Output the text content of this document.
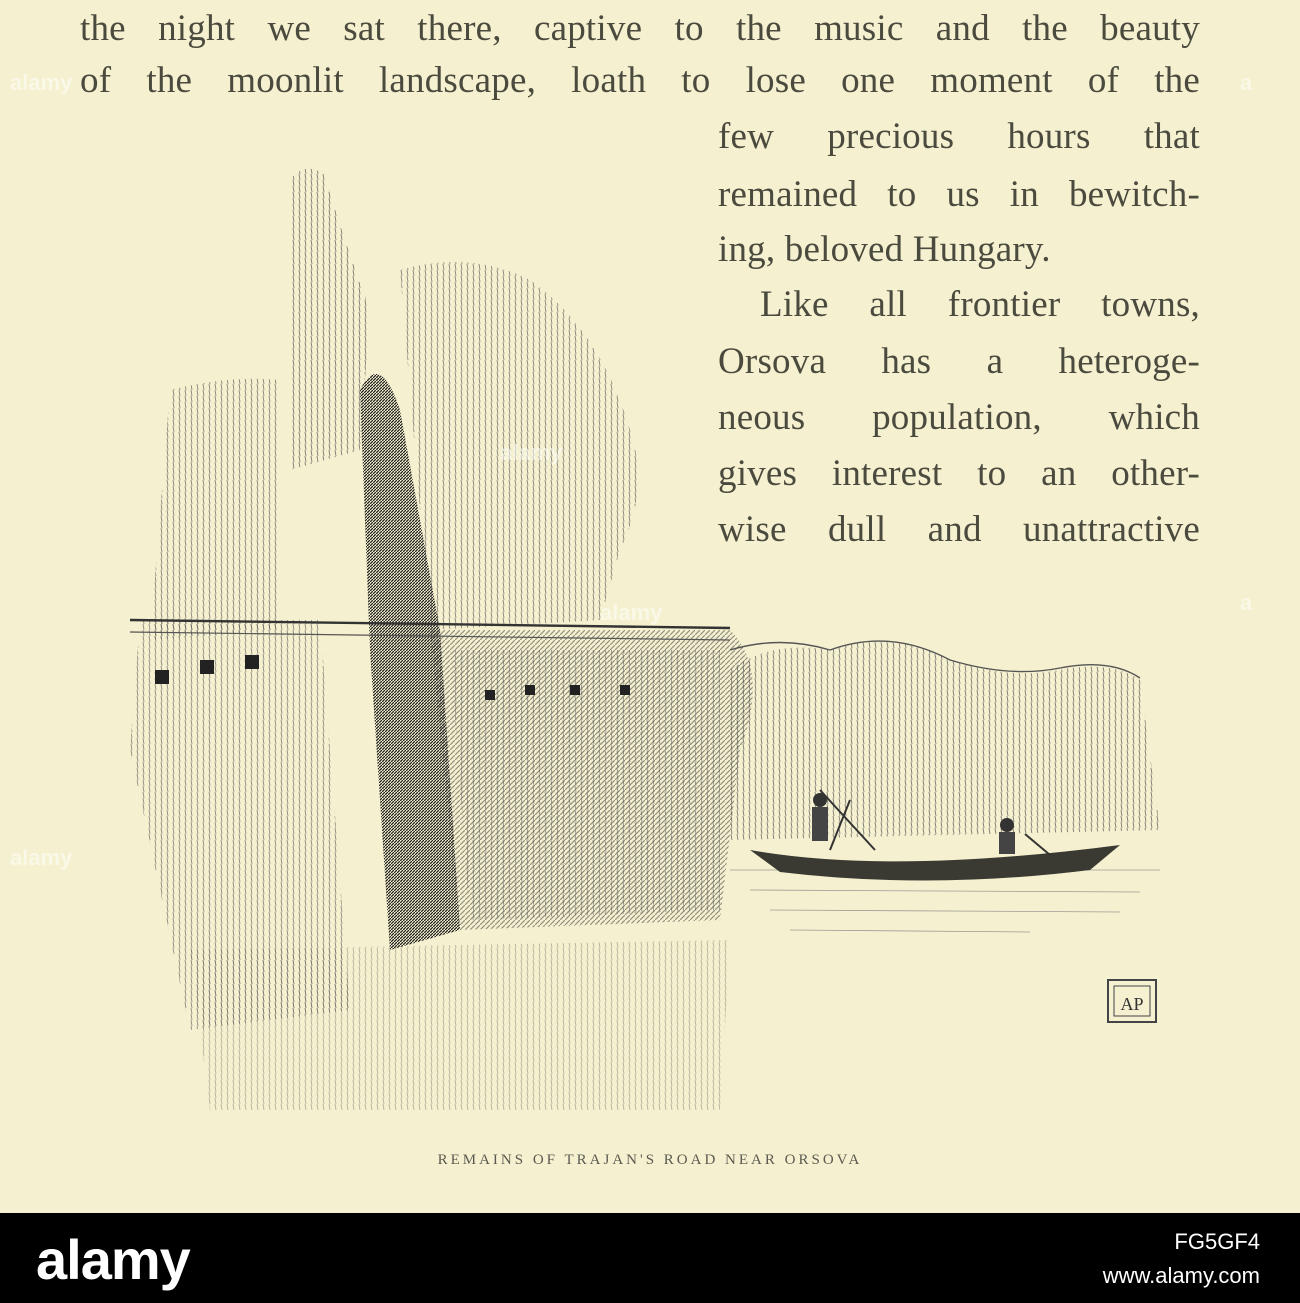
the night we sat there, captive to the music and the beauty
of the moonlit landscape, loath to lose one moment of the
few precious hours that
remained to us in bewitch-
ing, beloved Hungary.
Like all frontier towns,
Orsova has a heteroge-
neous population, which
gives interest to an other-
wise dull and unattractive
AP
REMAINS OF TRAJAN'S ROAD NEAR ORSOVA
alamy
alamy
alamy
alamy
a
a
alamy	FG5GF4
www.alamy.com
